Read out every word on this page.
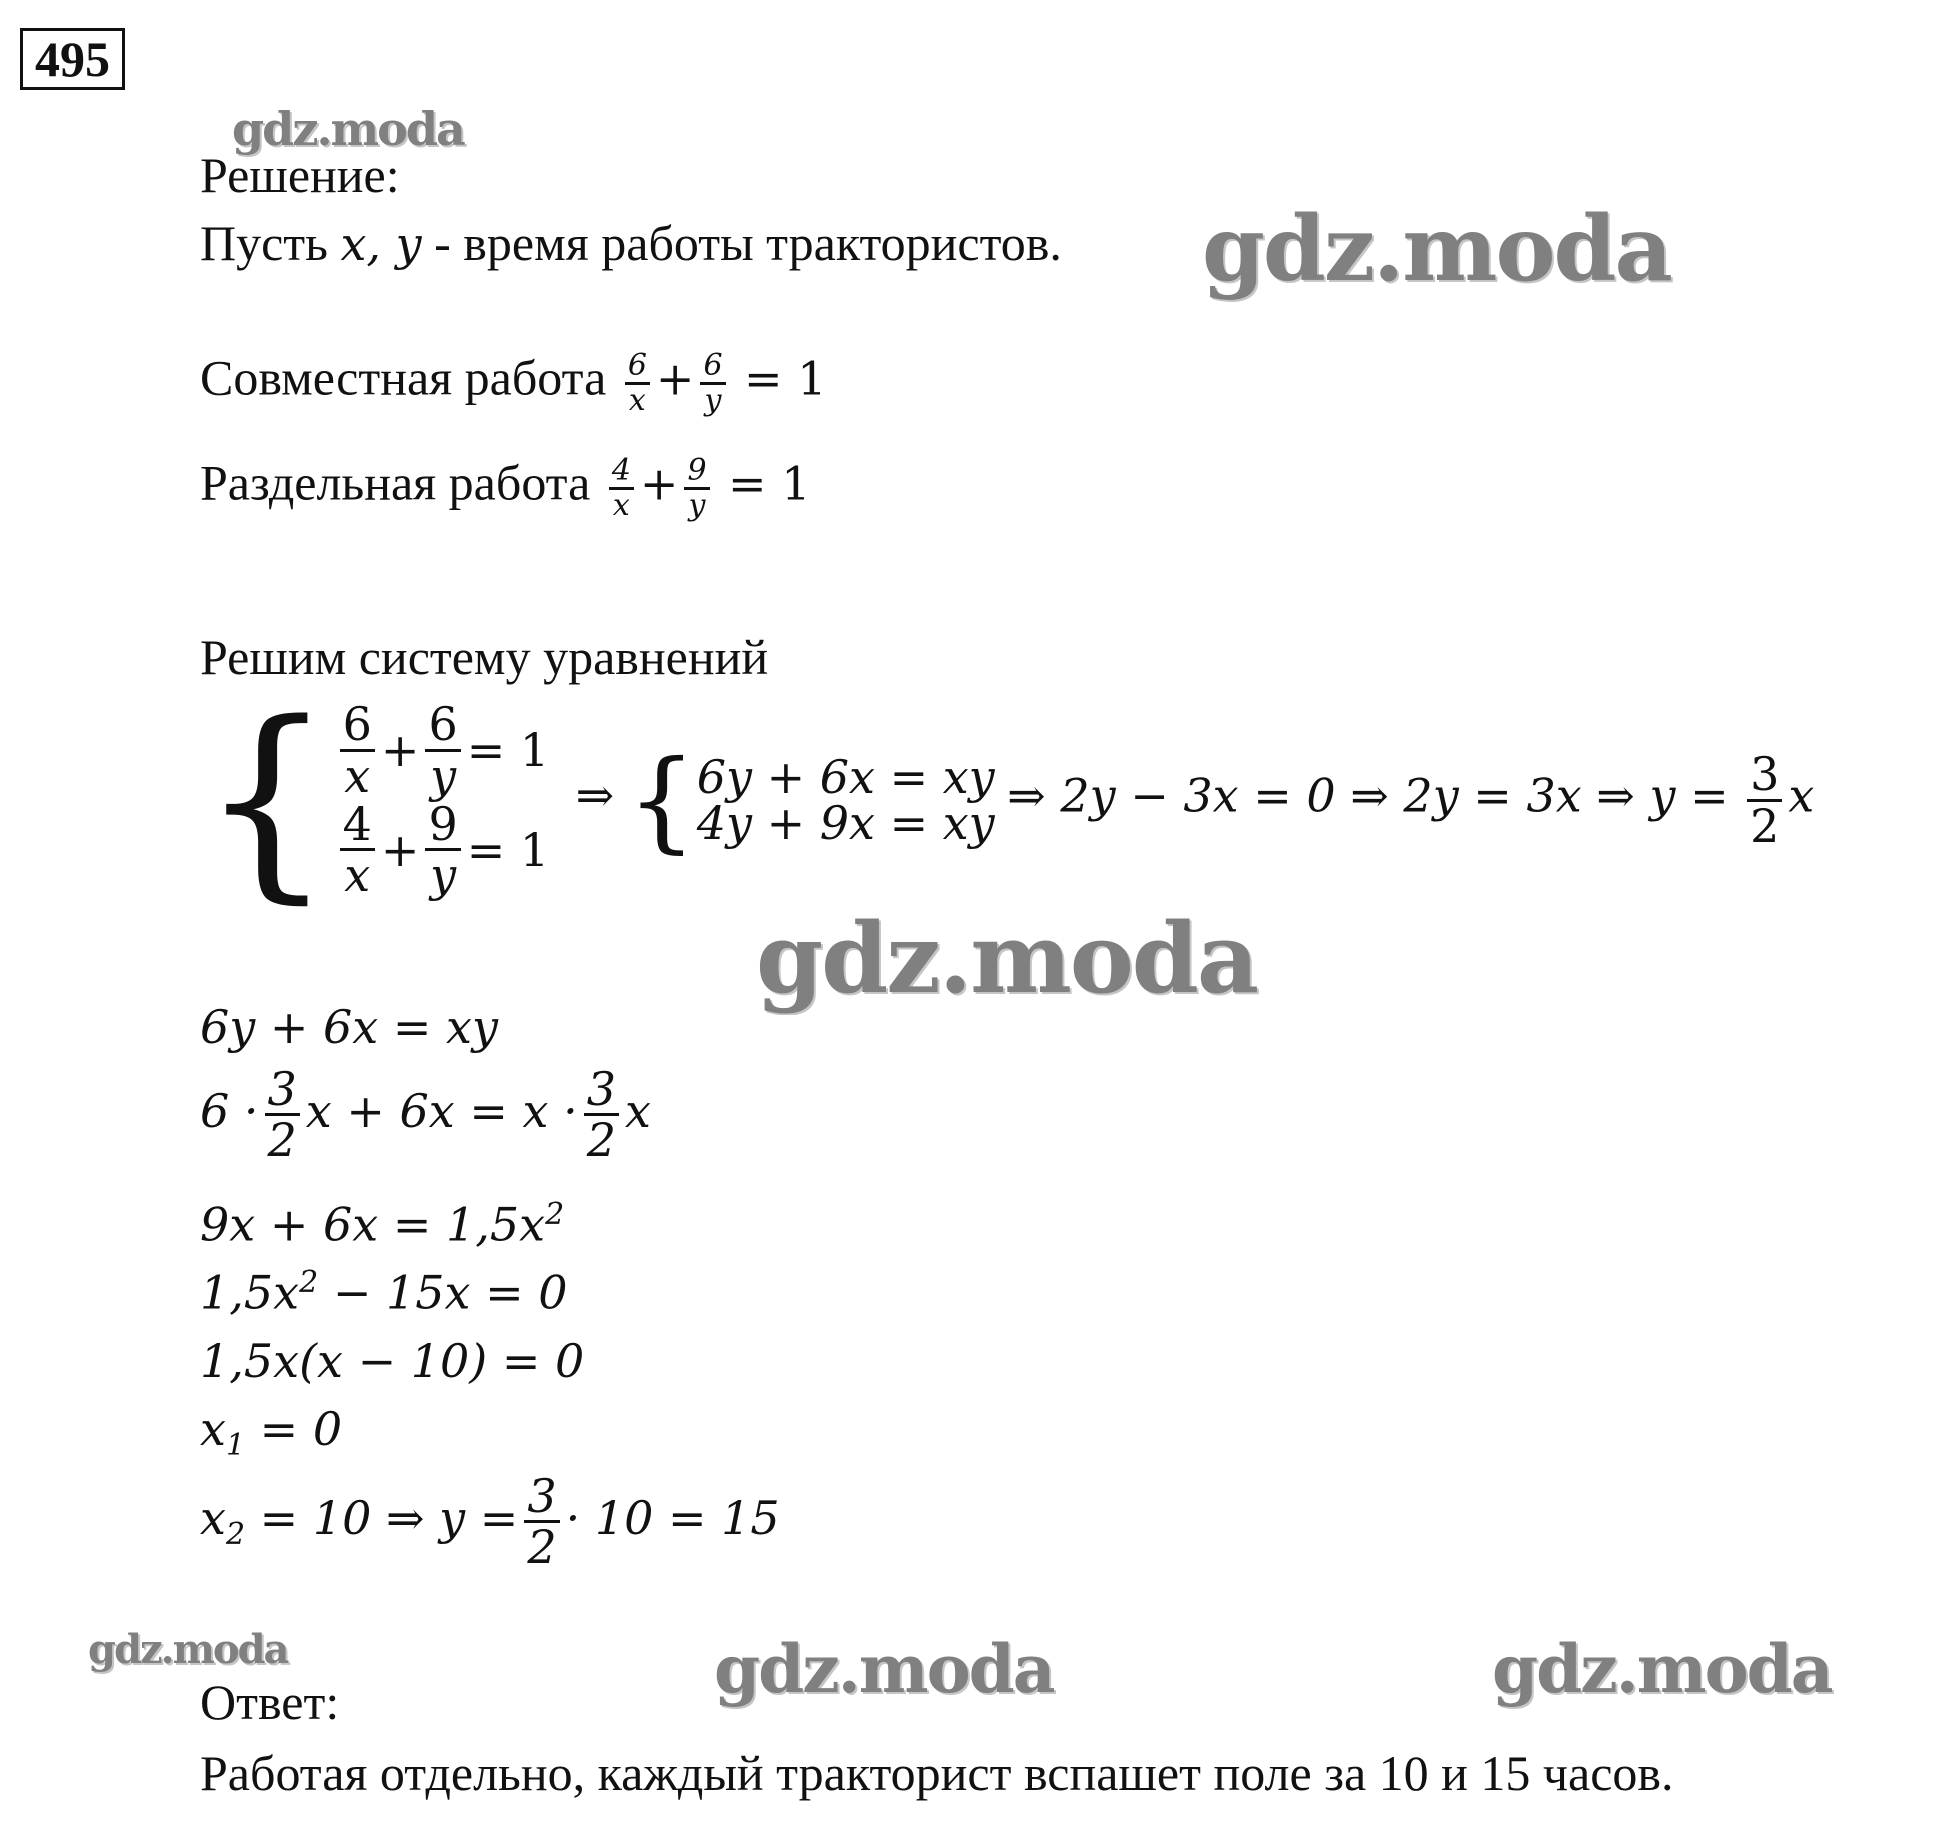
495
gdz.moda
Решение:
Пусть x, y - время работы трактористов. gdz.moda
Совместная работа $\frac{6}{x} + \frac{6}{y} = 1$
Раздельная работа $\frac{4}{x} + \frac{9}{y} = 1$
Решим систему уравнений
{ $\frac{6}{x} + \frac{6}{y} = 1$
$\frac{4}{x} + \frac{9}{y} = 1$
⇒ { 6y + 6x = xy
4y + 9x = xy
⇒ 2y − 3x = 0 ⇒ 2y = 3x ⇒ $y = \frac{3}{2}$ x
gdz.moda
6y + 6x = xy
$6 \cdot \frac{3}{2}$ $x + 6x = x \cdot \frac{3}{2}$ x
$9x + 6x = 1,5x^2$
$1,5x^2 - 15x = 0$
1,5x(x − 10) = 0
$x_1 = 0$
$x_2 = 10$ ⇒ $y = \frac{3}{2} \cdot 10 = 15$
gdz.moda	gdz.moda	gdz.moda
Ответ:
Работая отдельно, каждый тракторист вспашет поле за 10 и 15 часов.
